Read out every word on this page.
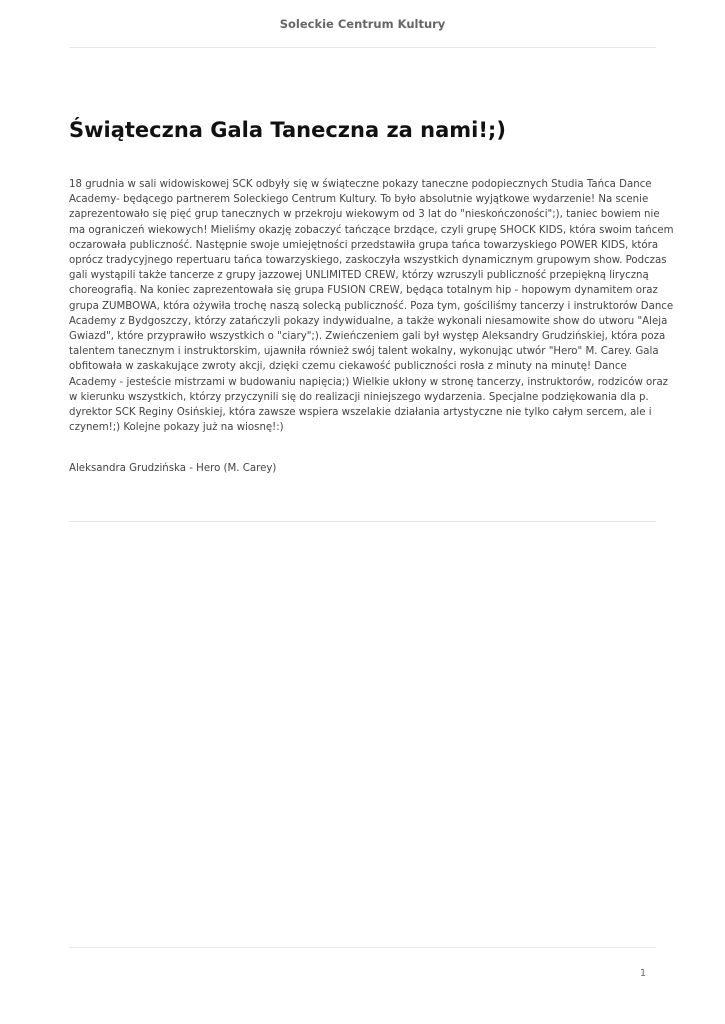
Soleckie Centrum Kultury
Świąteczna Gala Taneczna za nami!;)
18 grudnia w sali widowiskowej SCK odbyły się w świąteczne pokazy taneczne podopiecznych Studia Tańca Dance
Academy- będącego partnerem Soleckiego Centrum Kultury. To było absolutnie wyjątkowe wydarzenie! Na scenie
zaprezentowało się pięć grup tanecznych w przekroju wiekowym od 3 lat do "nieskończoności";), taniec bowiem nie
ma ograniczeń wiekowych! Mieliśmy okazję zobaczyć tańczące brzdące, czyli grupę SHOCK KIDS, która swoim tańcem
oczarowała publiczność. Następnie swoje umiejętności przedstawiła grupa tańca towarzyskiego POWER KIDS, która
oprócz tradycyjnego repertuaru tańca towarzyskiego, zaskoczyła wszystkich dynamicznym grupowym show. Podczas
gali wystąpili także tancerze z grupy jazzowej UNLIMITED CREW, którzy wzruszyli publiczność przepiękną liryczną
choreografią. Na koniec zaprezentowała się grupa FUSION CREW, będąca totalnym hip - hopowym dynamitem oraz
grupa ZUMBOWA, która ożywiła trochę naszą solecką publiczność. Poza tym, gościliśmy tancerzy i instruktorów Dance
Academy z Bydgoszczy, którzy zatańczyli pokazy indywidualne, a także wykonali niesamowite show do utworu "Aleja
Gwiazd", które przyprawiło wszystkich o "ciary";). Zwieńczeniem gali był występ Aleksandry Grudzińskiej, która poza
talentem tanecznym i instruktorskim, ujawniła również swój talent wokalny, wykonując utwór "Hero" M. Carey. Gala
obfitowała w zaskakujące zwroty akcji, dzięki czemu ciekawość publiczności rosła z minuty na minutę! Dance
Academy - jesteście mistrzami w budowaniu napięcia;) Wielkie ukłony w stronę tancerzy, instruktorów, rodziców oraz
w kierunku wszystkich, którzy przyczynili się do realizacji niniejszego wydarzenia. Specjalne podziękowania dla p.
dyrektor SCK Reginy Osińskiej, która zawsze wspiera wszelakie działania artystyczne nie tylko całym sercem, ale i
czynem!;) Kolejne pokazy już na wiosnę!:)

Aleksandra Grudzińska - Hero (M. Carey)

1
